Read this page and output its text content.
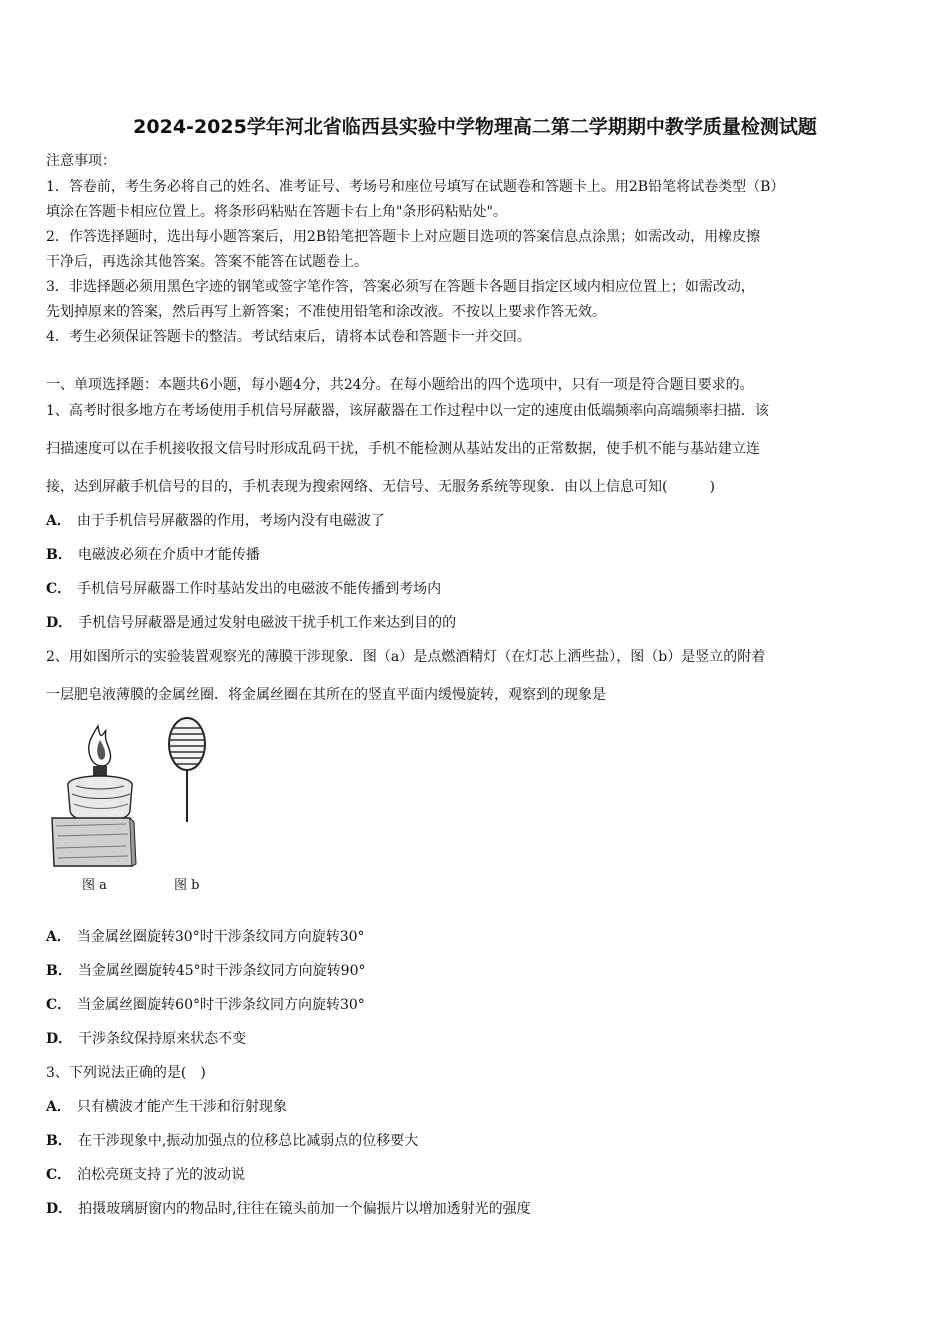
2024-2025学年河北省临西县实验中学物理高二第二学期期中教学质量检测试题
注意事项：
1．答卷前，考生务必将自己的姓名、准考证号、考场号和座位号填写在试题卷和答题卡上。用2B铅笔将试卷类型（B）
填涂在答题卡相应位置上。将条形码粘贴在答题卡右上角"条形码粘贴处"。
2．作答选择题时，选出每小题答案后，用2B铅笔把答题卡上对应题目选项的答案信息点涂黑；如需改动，用橡皮擦
干净后，再选涂其他答案。答案不能答在试题卷上。
3．非选择题必须用黑色字迹的钢笔或签字笔作答，答案必须写在答题卡各题目指定区域内相应位置上；如需改动，
先划掉原来的答案，然后再写上新答案；不准使用铅笔和涂改液。不按以上要求作答无效。
4．考生必须保证答题卡的整洁。考试结束后，请将本试卷和答题卡一并交回。
一、单项选择题：本题共6小题，每小题4分，共24分。在每小题给出的四个选项中，只有一项是符合题目要求的。
1、高考时很多地方在考场使用手机信号屏蔽器，该屏蔽器在工作过程中以一定的速度由低端频率向高端频率扫描．该
扫描速度可以在手机接收报文信号时形成乱码干扰，手机不能检测从基站发出的正常数据，使手机不能与基站建立连
接，达到屏蔽手机信号的目的，手机表现为搜索网络、无信号、无服务系统等现象．由以上信息可知(　　　)
A． 由于手机信号屏蔽器的作用，考场内没有电磁波了
B． 电磁波必须在介质中才能传播
C． 手机信号屏蔽器工作时基站发出的电磁波不能传播到考场内
D． 手机信号屏蔽器是通过发射电磁波干扰手机工作来达到目的的
2、用如图所示的实验装置观察光的薄膜干涉现象．图（a）是点燃酒精灯（在灯芯上洒些盐），图（b）是竖立的附着
一层肥皂液薄膜的金属丝圈．将金属丝圈在其所在的竖直平面内缓慢旋转，观察到的现象是
图 a	图 b
A． 当金属丝圈旋转30°时干涉条纹同方向旋转30°
B． 当金属丝圈旋转45°时干涉条纹同方向旋转90°
C． 当金属丝圈旋转60°时干涉条纹同方向旋转30°
D． 干涉条纹保持原来状态不变
3、下列说法正确的是(　)
A． 只有横波才能产生干涉和衍射现象
B． 在干涉现象中,振动加强点的位移总比减弱点的位移要大
C． 泊松亮斑支持了光的波动说
D． 拍摄玻璃厨窗内的物品时,往往在镜头前加一个偏振片以增加透射光的强度
